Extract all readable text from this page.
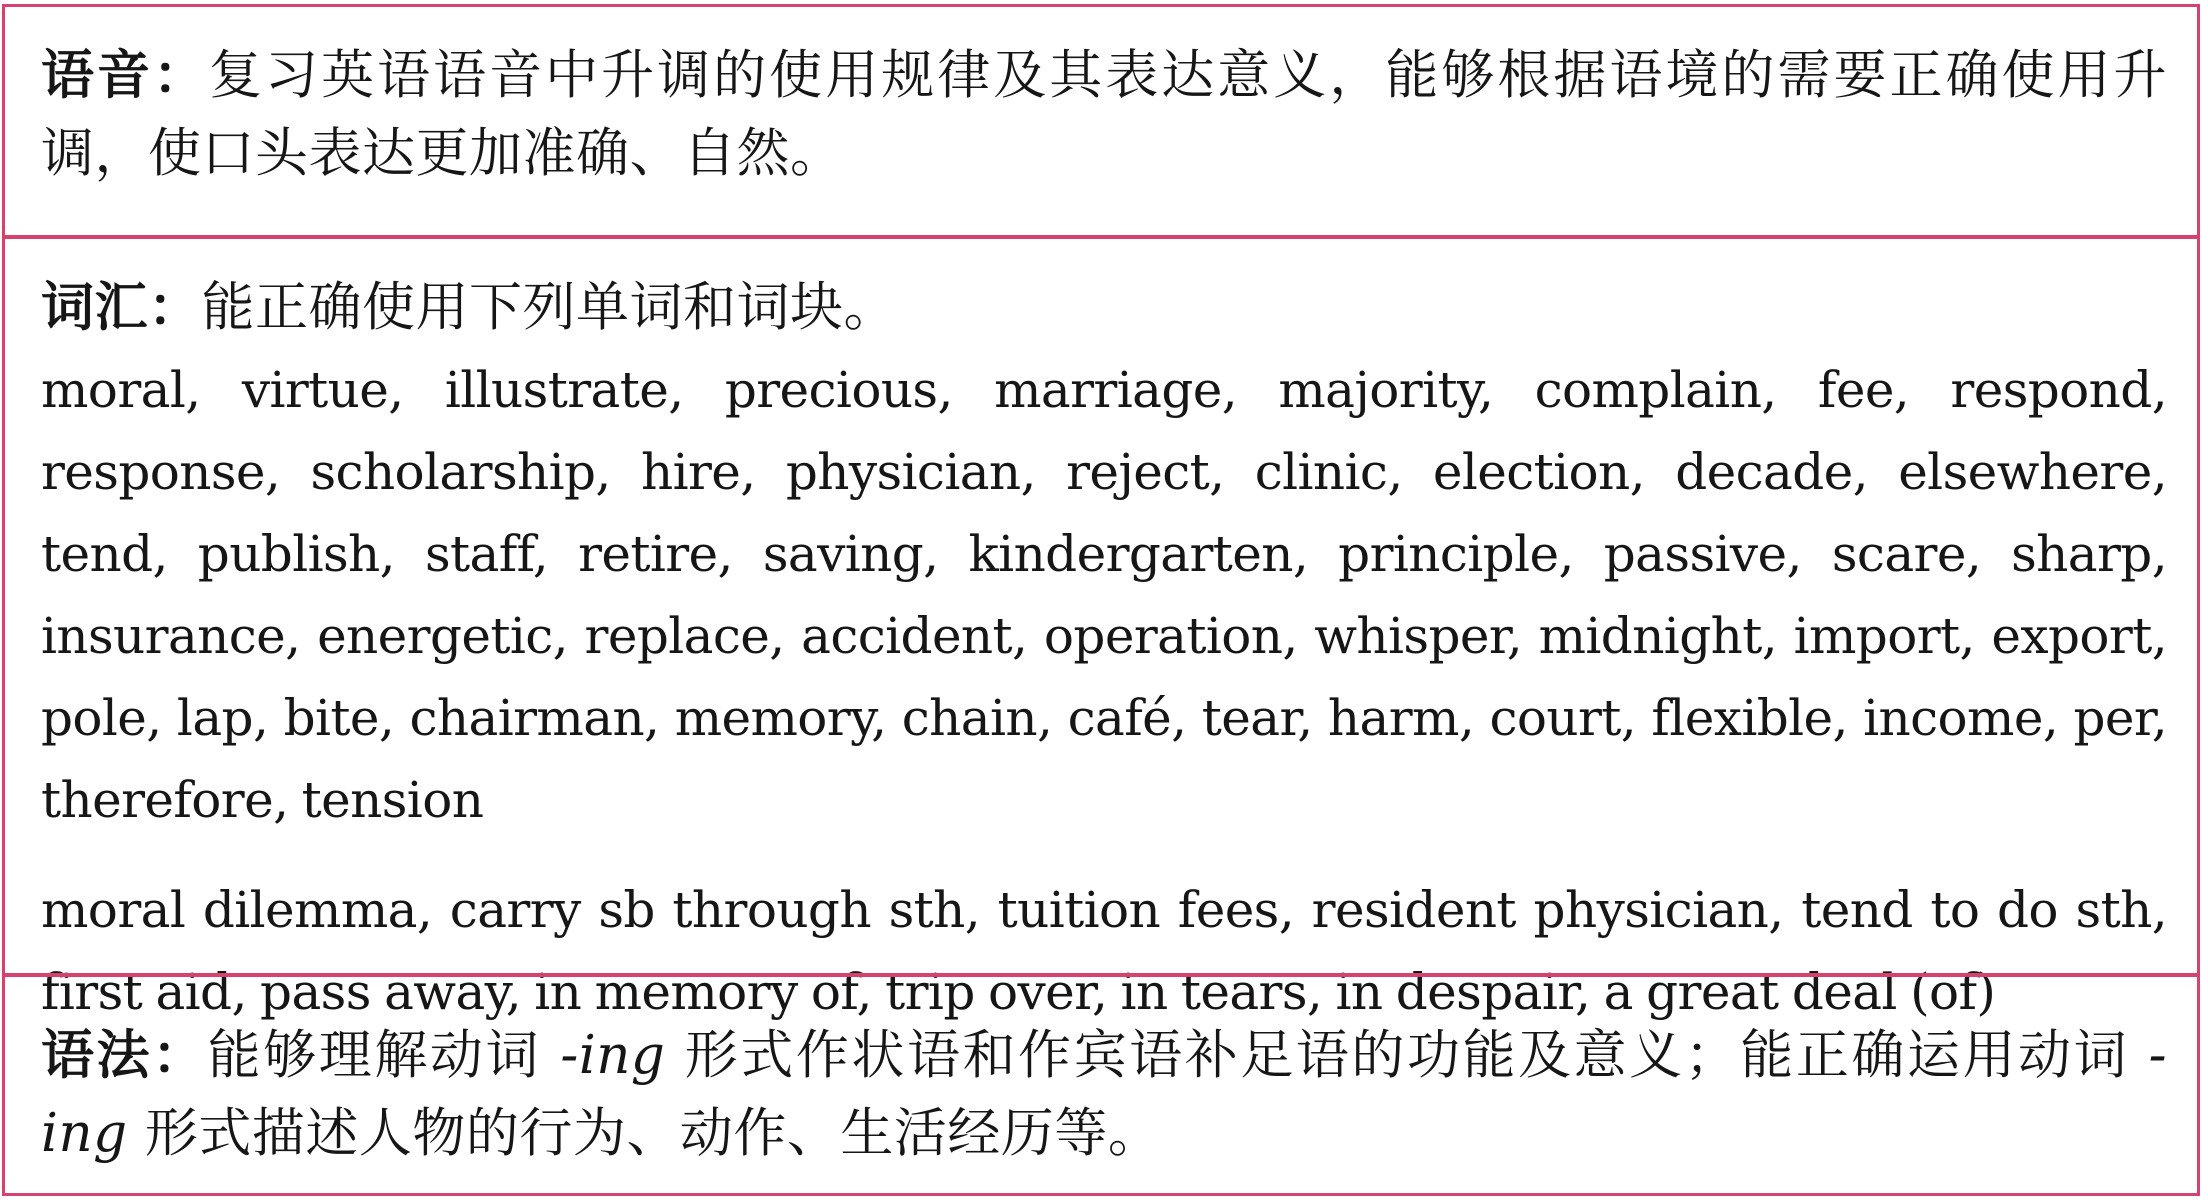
语音：复习英语语音中升调的使用规律及其表达意义，能够根据语境的需要正确使用升调，使口头表达更加准确、自然。

词汇：能正确使用下列单词和词块。

moral, virtue, illustrate, precious, marriage, majority, complain, fee, respond, response, scholarship, hire, physician, reject, clinic, election, decade, elsewhere, tend, publish, staff, retire, saving, kindergarten, principle, passive, scare, sharp, insurance, energetic, replace, accident, operation, whisper, midnight, import, export, pole, lap, bite, chairman, memory, chain, café, tear, harm, court, flexible, income, per, therefore, tension

moral dilemma, carry sb through sth, tuition fees, resident physician, tend to do sth, first aid, pass away, in memory of, trip over, in tears, in despair, a great deal (of)

语法：能够理解动词 -ing 形式作状语和作宾语补足语的功能及意义；能正确运用动词 -ing 形式描述人物的行为、动作、生活经历等。
